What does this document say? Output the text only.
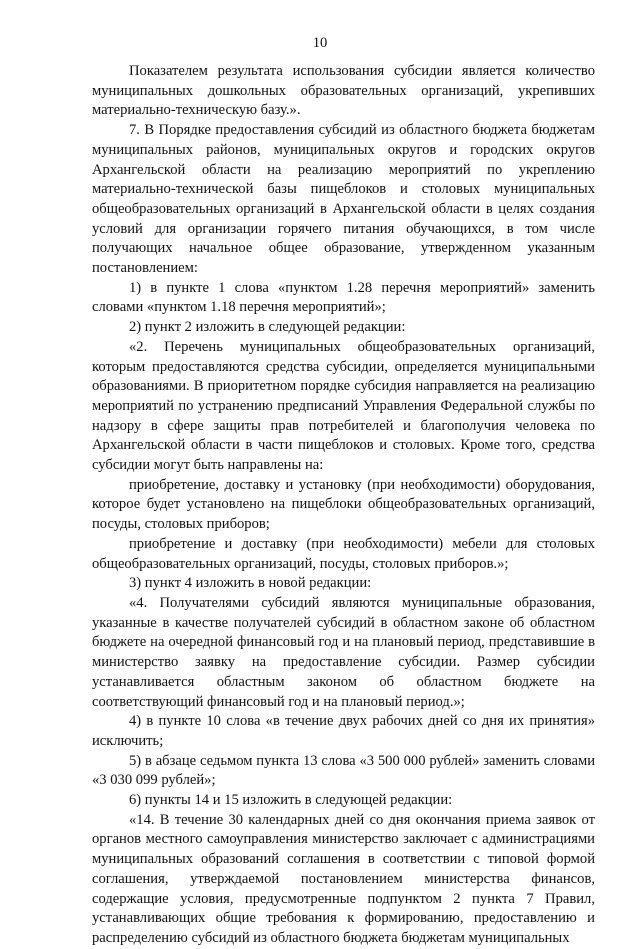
10

Показателем результата использования субсидии является количество муниципальных дошкольных образовательных организаций, укрепивших материально-техническую базу.».

7. В Порядке предоставления субсидий из областного бюджета бюджетам муниципальных районов, муниципальных округов и городских округов Архангельской области на реализацию мероприятий по укреплению материально-технической базы пищеблоков и столовых муниципальных общеобразовательных организаций в Архангельской области в целях создания условий для организации горячего питания обучающихся, в том числе получающих начальное общее образование, утвержденном указанным постановлением:

1) в пункте 1 слова «пунктом 1.28 перечня мероприятий» заменить словами «пунктом 1.18 перечня мероприятий»;

2) пункт 2 изложить в следующей редакции:

«2. Перечень муниципальных общеобразовательных организаций, которым предоставляются средства субсидии, определяется муниципальными образованиями. В приоритетном порядке субсидия направляется на реализацию мероприятий по устранению предписаний Управления Федеральной службы по надзору в сфере защиты прав потребителей и благополучия человека по Архангельской области в части пищеблоков и столовых. Кроме того, средства субсидии могут быть направлены на:

приобретение, доставку и установку (при необходимости) оборудования, которое будет установлено на пищеблоки общеобразовательных организаций, посуды, столовых приборов;

приобретение и доставку (при необходимости) мебели для столовых общеобразовательных организаций, посуды, столовых приборов.»;

3) пункт 4 изложить в новой редакции:

«4. Получателями субсидий являются муниципальные образования, указанные в качестве получателей субсидий в областном законе об областном бюджете на очередной финансовый год и на плановый период, представившие в министерство заявку на предоставление субсидии. Размер субсидии устанавливается областным законом об областном бюджете на соответствующий финансовый год и на плановый период.»;

4) в пункте 10 слова «в течение двух рабочих дней со дня их принятия» исключить;

5) в абзаце седьмом пункта 13 слова «3 500 000 рублей» заменить словами «3 030 099 рублей»;

6) пункты 14 и 15 изложить в следующей редакции:

«14. В течение 30 календарных дней со дня окончания приема заявок от органов местного самоуправления министерство заключает с администрациями муниципальных образований соглашения в соответствии с типовой формой соглашения, утверждаемой постановлением министерства финансов, содержащие условия, предусмотренные подпунктом 2 пункта 7 Правил, устанавливающих общие требования к формированию, предоставлению и распределению субсидий из областного бюджета бюджетам муниципальных
